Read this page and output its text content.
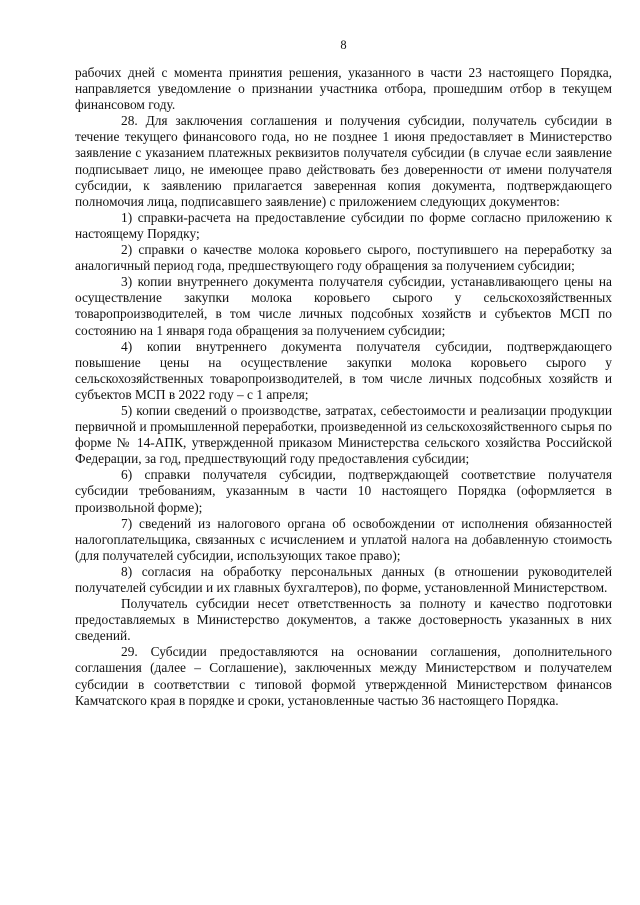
8

рабочих дней с момента принятия решения, указанного в части 23 настоящего Порядка, направляется уведомление о признании участника отбора, прошедшим отбор в текущем финансовом году.

28. Для заключения соглашения и получения субсидии, получатель субсидии в течение текущего финансового года, но не позднее 1 июня предоставляет в Министерство заявление с указанием платежных реквизитов получателя субсидии (в случае если заявление подписывает лицо, не имеющее право действовать без доверенности от имени получателя субсидии, к заявлению прилагается заверенная копия документа, подтверждающего полномочия лица, подписавшего заявление) с приложением следующих документов:

1) справки-расчета на предоставление субсидии по форме согласно приложению к настоящему Порядку;

2) справки о качестве молока коровьего сырого, поступившего на переработку за аналогичный период года, предшествующего году обращения за получением субсидии;

3) копии внутреннего документа получателя субсидии, устанавливающего цены на осуществление закупки молока коровьего сырого у сельскохозяйственных товаропроизводителей, в том числе личных подсобных хозяйств и субъектов МСП по состоянию на 1 января года обращения за получением субсидии;

4) копии внутреннего документа получателя субсидии, подтверждающего повышение цены на осуществление закупки молока коровьего сырого у сельскохозяйственных товаропроизводителей, в том числе личных подсобных хозяйств и субъектов МСП в 2022 году – с 1 апреля;

5) копии сведений о производстве, затратах, себестоимости и реализации продукции первичной и промышленной переработки, произведенной из сельскохозяйственного сырья по форме № 14-АПК, утвержденной приказом Министерства сельского хозяйства Российской Федерации, за год, предшествующий году предоставления субсидии;

6) справки получателя субсидии, подтверждающей соответствие получателя субсидии требованиям, указанным в части 10 настоящего Порядка (оформляется в произвольной форме);

7) сведений из налогового органа об освобождении от исполнения обязанностей налогоплательщика, связанных с исчислением и уплатой налога на добавленную стоимость (для получателей субсидии, использующих такое право);

8) согласия на обработку персональных данных (в отношении руководителей получателей субсидии и их главных бухгалтеров), по форме, установленной Министерством.

Получатель субсидии несет ответственность за полноту и качество подготовки предоставляемых в Министерство документов, а также достоверность указанных в них сведений.

29. Субсидии предоставляются на основании соглашения, дополнительного соглашения (далее – Соглашение), заключенных между Министерством и получателем субсидии в соответствии с типовой формой утвержденной Министерством финансов Камчатского края в порядке и сроки, установленные частью 36 настоящего Порядка.
